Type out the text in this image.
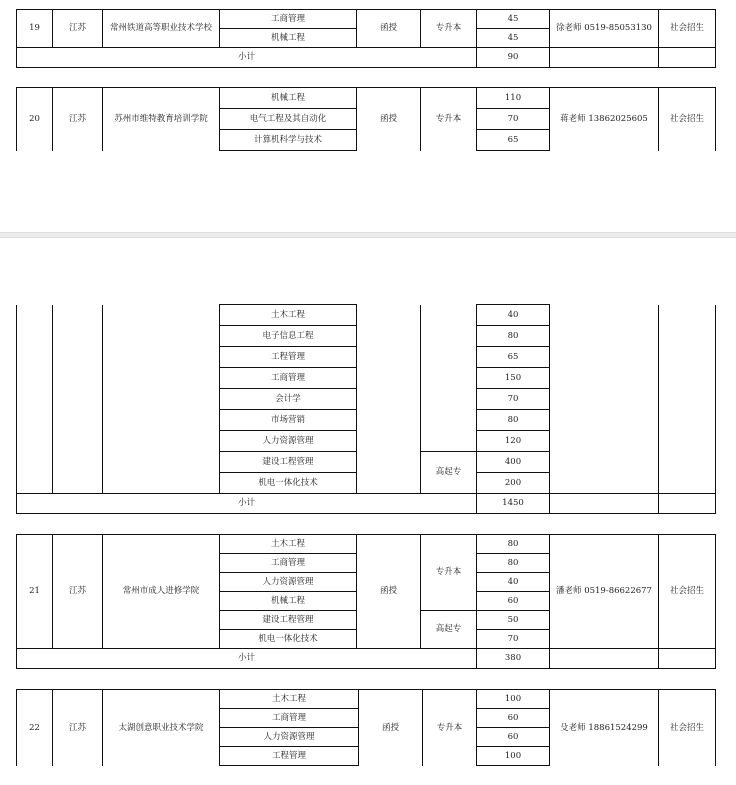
19	江苏	常州铁道高等职业技术学校	工商管理	函授	专升本	45	徐老师 0519-85053130	社会招生
			机械工程			45		
小计						90		
20	江苏	苏州市维特教育培训学院	机械工程	函授	专升本	110	蒋老师 13862025605	社会招生
			电气工程及其自动化			70		
			计算机科学与技术			65		
			土木工程			40		
			电子信息工程			80		
			工程管理			65		
			工商管理			150		
			会计学			70		
			市场营销			80		
			人力资源管理			120		
			建设工程管理		高起专	400		
			机电一体化技术			200		
小计						1450		
21	江苏	常州市成人进修学院	土木工程	函授	专升本	80	潘老师 0519-86622677	社会招生
			工商管理			80		
			人力资源管理			40		
			机械工程			60		
			建设工程管理		高起专	50		
			机电一体化技术			70		
小计						380		
22	江苏	太湖创意职业技术学院	土木工程	函授	专升本	100	殳老师 18861524299	社会招生
			工商管理			60		
			人力资源管理			60		
			工程管理			100		
